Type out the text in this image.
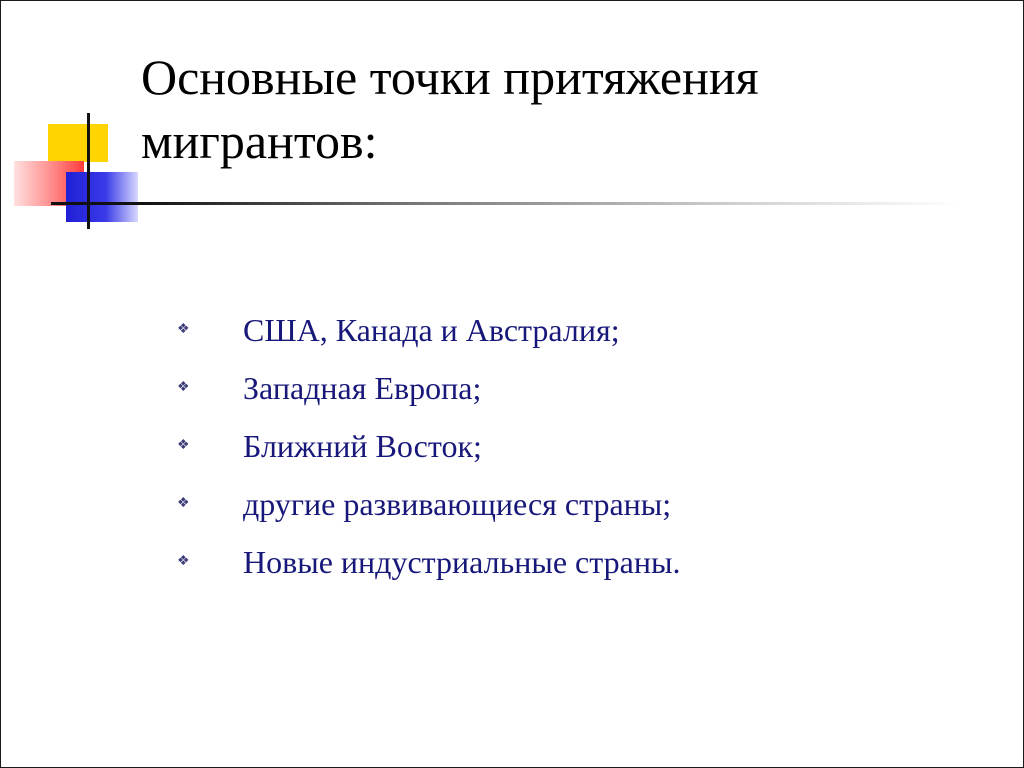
Основные точки притяжения
мигрантов:
❖	США, Канада и Австралия;
❖	Западная Европа;
❖	Ближний Восток;
❖	другие развивающиеся страны;
❖	Новые индустриальные страны.
